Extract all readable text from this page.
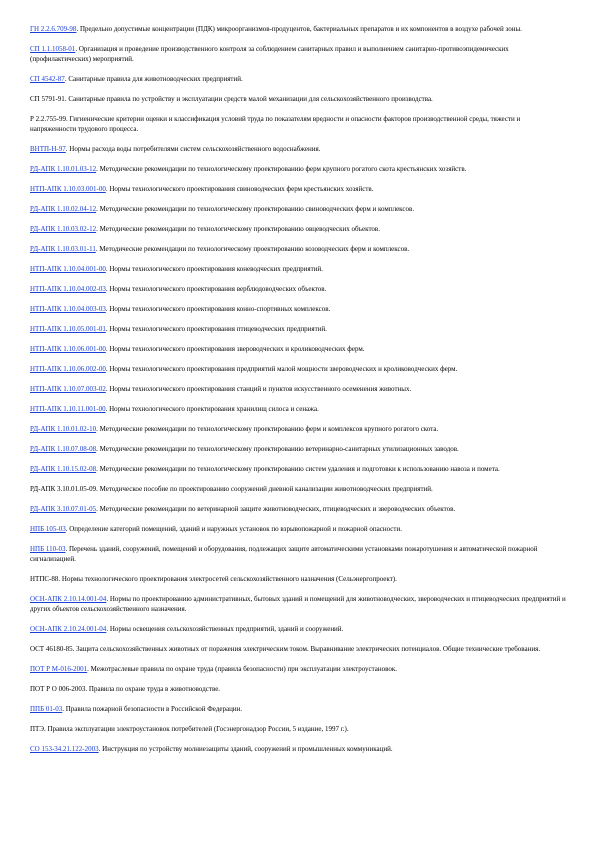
ГН 2.2.6.709-98. Предельно допустимые концентрации (ПДК) микроорганизмов-продуцентов, бактериальных препаратов и их компонентов в воздухе рабочей зоны.

СП 1.1.1058-01. Организация и проведение производственного контроля за соблюдением санитарных правил и выполнением санитарно-противоэпидемических (профилактических) мероприятий.

СП 4542-87. Санитарные правила для животноводческих предприятий.

СП 5791-91. Санитарные правила по устройству и эксплуатации средств малой механизации для сельскохозяйственного производства.

Р 2.2.755-99. Гигиенические критерии оценки и классификация условий труда по показателям вредности и опасности факторов производственной среды, тяжести и напряженности трудового процесса.

ВНТП-Н-97. Нормы расхода воды потребителями систем сельскохозяйственного водоснабжения.

РД-АПК 1.10.01.03-12. Методические рекомендации по технологическому проектированию ферм крупного рогатого скота крестьянских хозяйств.

НТП-АПК 1.10.03.001-00. Нормы технологического проектирования свиноводческих ферм крестьянских хозяйств.

РД-АПК 1.10.02.04-12. Методические рекомендации по технологическому проектированию свиноводческих ферм и комплексов.

РД-АПК 1.10.03.02-12. Методические рекомендации по технологическому проектированию овцеводческих объектов.

РД-АПК 1.10.03.01-11. Методические рекомендации по технологическому проектированию козоводческих ферм и комплексов.

НТП-АПК 1.10.04.001-00. Нормы технологического проектирования коневодческих предприятий.

НТП-АПК 1.10.04.002-03. Нормы технологического проектирования верблюдоводческих объектов.

НТП-АПК 1.10.04.003-03. Нормы технологического проектирования конно-спортивных комплексов.

НТП-АПК 1.10.05.001-01. Нормы технологического проектирования птицеводческих предприятий.

НТП-АПК 1.10.06.001-00. Нормы технологического проектирования звероводческих и кролиководческих ферм.

НТП-АПК 1.10.06.002-00. Нормы технологического проектирования предприятий малой мощности звероводческих и кролиководческих ферм.

НТП-АПК 1.10.07.003-02. Нормы технологического проектирования станций и пунктов искусственного осеменения животных.

НТП-АПК 1.10.11.001-00. Нормы технологического проектирования хранилищ силоса и сенажа.

РД-АПК 1.10.01.02-10. Методические рекомендации по технологическому проектированию ферм и комплексов крупного рогатого скота.

РД-АПК 1.10.07.08-08. Методические рекомендации по технологическому проектированию ветеринарно-санитарных утилизационных заводов.

РД-АПК 1.10.15.02-08. Методические рекомендации по технологическому проектированию систем удаления и подготовки к использованию навоза и помета.

РД-АПК 3.10.01.05-09. Методическое пособие по проектированию сооружений дневной канализации животноводческих предприятий.

РД-АПК 3.10.07.01-05. Методические рекомендации по ветеринарной защите животноводческих, птицеводческих и звероводческих объектов.

НПБ 105-03. Определение категорий помещений, зданий и наружных установок по взрывопожарной и пожарной опасности.

НПБ 110-03. Перечень зданий, сооружений, помещений и оборудования, подлежащих защите автоматическими установками пожаротушения и автоматической пожарной сигнализацией.

НТПС-88. Нормы технологического проектирования электросетей сельскохозяйственного назначения (Сельэнергопроект).

ОСН-АПК 2.10.14.001-04. Нормы по проектированию административных, бытовых зданий и помещений для животноводческих, звероводческих и птицеводческих предприятий и других объектов сельскохозяйственного назначения.

ОСН-АПК 2.10.24.001-04. Нормы освещения сельскохозяйственных предприятий, зданий и сооружений.

ОСТ 46180-85. Защита сельскохозяйственных животных от поражения электрическим током. Выравнивание электрических потенциалов. Общие технические требования.

ПОТ Р М-016-2001. Межотраслевые правила по охране труда (правила безопасности) при эксплуатации электроустановок.

ПОТ Р О 006-2003. Правила по охране труда в животноводстве.

ППБ 01-03. Правила пожарной безопасности в Российской Федерации.

ПТЭ. Правила эксплуатации электроустановок потребителей (Госэнергонадзор России, 5 издание, 1997 г.).

СО 153-34.21.122-2003. Инструкция по устройству молниезащиты зданий, сооружений и промышленных коммуникаций.
